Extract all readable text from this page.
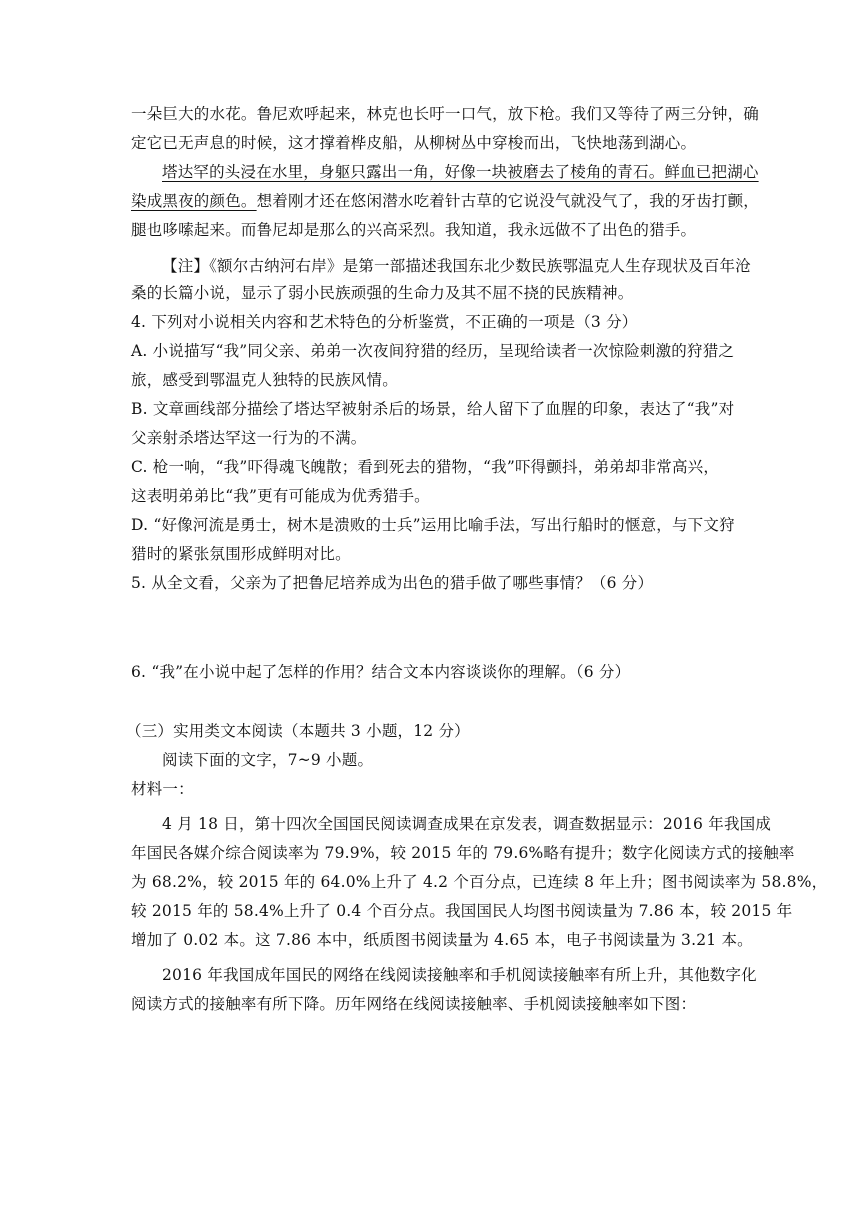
一朵巨大的水花。鲁尼欢呼起来，林克也长吁一口气，放下枪。我们又等待了两三分钟，确
定它已无声息的时候，这才撑着桦皮船，从柳树丛中穿梭而出，飞快地荡到湖心。
塔达罕的头浸在水里，身躯只露出一角，好像一块被磨去了棱角的青石。鲜血已把湖心
染成黑夜的颜色。想着刚才还在悠闲潜水吃着针古草的它说没气就没气了，我的牙齿打颤，
腿也哆嗦起来。而鲁尼却是那么的兴高采烈。我知道，我永远做不了出色的猎手。
【注】《额尔古纳河右岸》是第一部描述我国东北少数民族鄂温克人生存现状及百年沧
桑的长篇小说，显示了弱小民族顽强的生命力及其不屈不挠的民族精神。
4. 下列对小说相关内容和艺术特色的分析鉴赏，不正确的一项是（3 分）
A. 小说描写“我”同父亲、弟弟一次夜间狩猎的经历，呈现给读者一次惊险刺激的狩猎之
旅，感受到鄂温克人独特的民族风情。
B. 文章画线部分描绘了塔达罕被射杀后的场景，给人留下了血腥的印象，表达了“我”对
父亲射杀塔达罕这一行为的不满。
C. 枪一响，“我”吓得魂飞魄散；看到死去的猎物，“我”吓得颤抖，弟弟却非常高兴，
这表明弟弟比“我”更有可能成为优秀猎手。
D. “好像河流是勇士，树木是溃败的士兵”运用比喻手法，写出行船时的惬意，与下文狩
猎时的紧张氛围形成鲜明对比。
5. 从全文看，父亲为了把鲁尼培养成为出色的猎手做了哪些事情？（6 分）
6. “我”在小说中起了怎样的作用？结合文本内容谈谈你的理解。（6 分）
（三）实用类文本阅读（本题共 3 小题，12 分）
阅读下面的文字，7~9 小题。
材料一：
4 月 18 日，第十四次全国国民阅读调查成果在京发表，调查数据显示：2016 年我国成
年国民各媒介综合阅读率为 79.9%，较 2015 年的 79.6%略有提升；数字化阅读方式的接触率
为 68.2%，较 2015 年的 64.0%上升了 4.2 个百分点，已连续 8 年上升；图书阅读率为 58.8%，
较 2015 年的 58.4%上升了 0.4 个百分点。我国国民人均图书阅读量为 7.86 本，较 2015 年
增加了 0.02 本。这 7.86 本中，纸质图书阅读量为 4.65 本，电子书阅读量为 3.21 本。
2016 年我国成年国民的网络在线阅读接触率和手机阅读接触率有所上升，其他数字化
阅读方式的接触率有所下降。历年网络在线阅读接触率、手机阅读接触率如下图：
